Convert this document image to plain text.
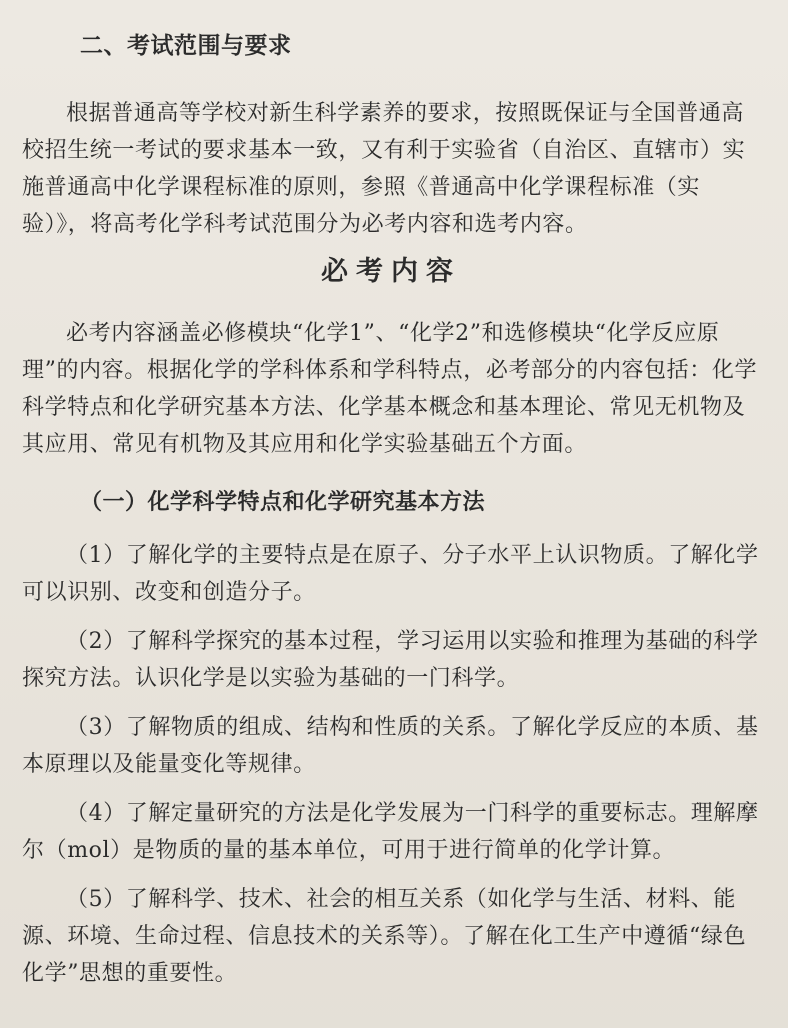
二、考试范围与要求

根据普通高等学校对新生科学素养的要求，按照既保证与全国普通高校招生统一考试的要求基本一致，又有利于实验省（自治区、直辖市）实施普通高中化学课程标准的原则，参照《普通高中化学课程标准（实验）》，将高考化学科考试范围分为必考内容和选考内容。

必考内容

必考内容涵盖必修模块“化学1”、“化学2”和选修模块“化学反应原理”的内容。根据化学的学科体系和学科特点，必考部分的内容包括：化学科学特点和化学研究基本方法、化学基本概念和基本理论、常见无机物及其应用、常见有机物及其应用和化学实验基础五个方面。

（一）化学科学特点和化学研究基本方法

（1）了解化学的主要特点是在原子、分子水平上认识物质。了解化学可以识别、改变和创造分子。

（2）了解科学探究的基本过程，学习运用以实验和推理为基础的科学探究方法。认识化学是以实验为基础的一门科学。

（3）了解物质的组成、结构和性质的关系。了解化学反应的本质、基本原理以及能量变化等规律。

（4）了解定量研究的方法是化学发展为一门科学的重要标志。理解摩尔（mol）是物质的量的基本单位，可用于进行简单的化学计算。

（5）了解科学、技术、社会的相互关系（如化学与生活、材料、能源、环境、生命过程、信息技术的关系等）。了解在化工生产中遵循“绿色化学”思想的重要性。
